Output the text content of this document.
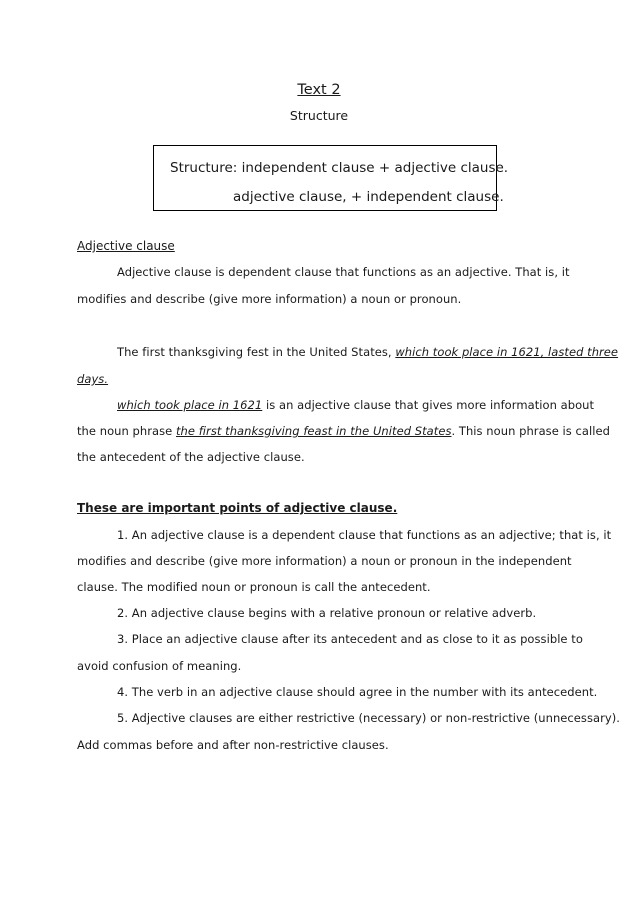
Text 2
Structure
Structure: independent clause + adjective clause.
adjective clause, + independent clause.
Adjective clause
Adjective clause is dependent clause that functions as an adjective. That is, it
modifies and describe (give more information) a noun or pronoun.
The first thanksgiving fest in the United States, which took place in 1621, lasted three
days.
which took place in 1621 is an adjective clause that gives more information about
the noun phrase the first thanksgiving feast in the United States. This noun phrase is called
the antecedent of the adjective clause.
These are important points of adjective clause.
1. An adjective clause is a dependent clause that functions as an adjective; that is, it
modifies and describe (give more information) a noun or pronoun in the independent
clause. The modified noun or pronoun is call the antecedent.
2. An adjective clause begins with a relative pronoun or relative adverb.
3. Place an adjective clause after its antecedent and as close to it as possible to
avoid confusion of meaning.
4. The verb in an adjective clause should agree in the number with its antecedent.
5. Adjective clauses are either restrictive (necessary) or non-restrictive (unnecessary).
Add commas before and after non-restrictive clauses.
